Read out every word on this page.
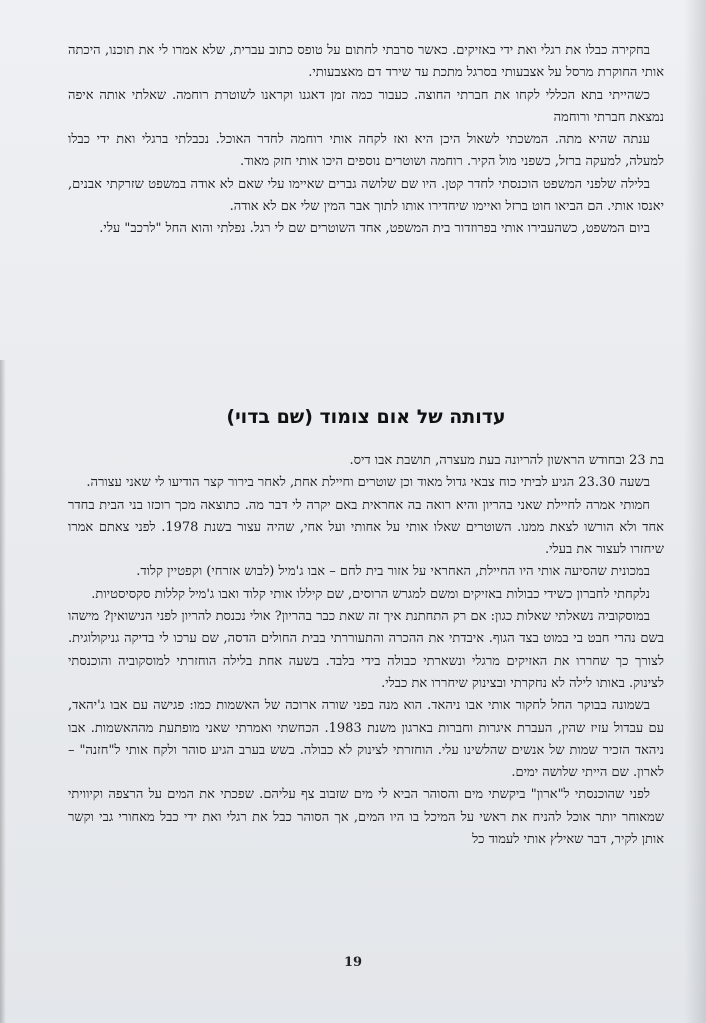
בחקירה כבלו את רגלי ואת ידי באזיקים. כאשר סרבתי לחתום על טופס כתוב עברית, שלא אמרו לי את תוכנו, היכתה אותי החוקרת מרסל על אצבעותי בסרגל מתכת עד שירד דם מאצבעותי.

כשהייתי בתא הכללי לקחו את חברתי החוצה. כעבור כמה זמן דאגנו וקראנו לשוטרת רוחמה. שאלתי אותה איפה נמצאת חברתי ורוחמה

ענתה שהיא מתה. המשכתי לשאול היכן היא ואז לקחה אותי רוחמה לחדר האוכל. נכבלתי ברגלי ואת ידי כבלו למעלה, למעקה ברזל, כשפני מול הקיר. רוחמה ושוטרים נוספים היכו אותי חזק מאוד.

בלילה שלפני המשפט הוכנסתי לחדר קטן. היו שם שלושה גברים שאיימו עלי שאם לא אודה במשפט שזרקתי אבנים, יאנסו אותי. הם הביאו חוט ברזל ואיימו שיחדירו אותו לתוך אבר המין שלי אם לא אודה.

ביום המשפט, כשהעבירו אותי בפרוזדור בית המשפט, אחד השוטרים שם לי רגל. נפלתי והוא החל "לרכב" עלי.

עדותה של אום צומוד (שם בדוי)

בת 23 ובחודש הראשון להריונה בעת מעצרה, תושבת אבו דיס.

בשעה 23.30 הגיע לביתי כוח צבאי גדול מאוד וכן שוטרים וחיילת אחת, לאחר בירור קצר הודיעו לי שאני עצורה.

חמותי אמרה לחיילת שאני בהריון והיא רואה בה אחראית באם יקרה לי דבר מה. כתוצאה מכך רוכזו בני הבית בחדר אחד ולא הורשו לצאת ממנו. השוטרים שאלו אותי על אחותי ועל אחי, שהיה עצור בשנת 1978. לפני צאתם אמרו שיחזרו לעצור את בעלי.

במכונית שהסיעה אותי היו החיילת, האחראי על אזור בית לחם – אבו ג'מיל (לבוש אזרחי) וקפטיין קלוד.

נלקחתי לחברון כשידי כבולות באזיקים ומשם למגרש הרוסים, שם קיללו אותי קלוד ואבו ג'מיל קללות סקסיסטיות.

במוסקוביה נשאלתי שאלות כגון: אם רק התחתנת איך זה שאת כבר בהריון? אולי נכנסת להריון לפני הנישואין? מישהו בשם נהרי חבט בי במוט בצד הגוף. איבדתי את ההכרה והתעוררתי בבית החולים הדסה, שם ערכו לי בדיקה גניקולוגית. לצורך כך שחררו את האזיקים מרגלי ונשארתי כבולה בידי בלבד. בשעה אחת בלילה הוחזרתי למוסקוביה והוכנסתי לצינוק. באותו לילה לא נחקרתי ובצינוק שיחררו את כבלי.

בשמונה בבוקר החל לחקור אותי אבו ניהאד. הוא מנה בפני שורה ארוכה של האשמות כמו: פגישה עם אבו ג'יהאד, עם עבדול עזיז שהין, העברת איגרות וחברות בארגון משנת 1983. הכחשתי ואמרתי שאני מופתעת מההאשמות. אבו ניהאד הזכיר שמות של אנשים שהלשינו עלי. הוחזרתי לצינוק לא כבולה. בשש בערב הגיע סוהר ולקח אותי ל"חזנה" – לארון. שם הייתי שלושה ימים.

לפני שהוכנסתי ל"ארון" ביקשתי מים והסוהר הביא לי מים שזבוב צף עליהם. שפכתי את המים על הרצפה וקיוויתי שמאוחר יותר אוכל להניח את ראשי על המיכל בו היו המים, אך הסוהר כבל את רגלי ואת ידי כבל מאחורי גבי וקשר אותן לקיר, דבר שאילץ אותי לעמוד כל

19
